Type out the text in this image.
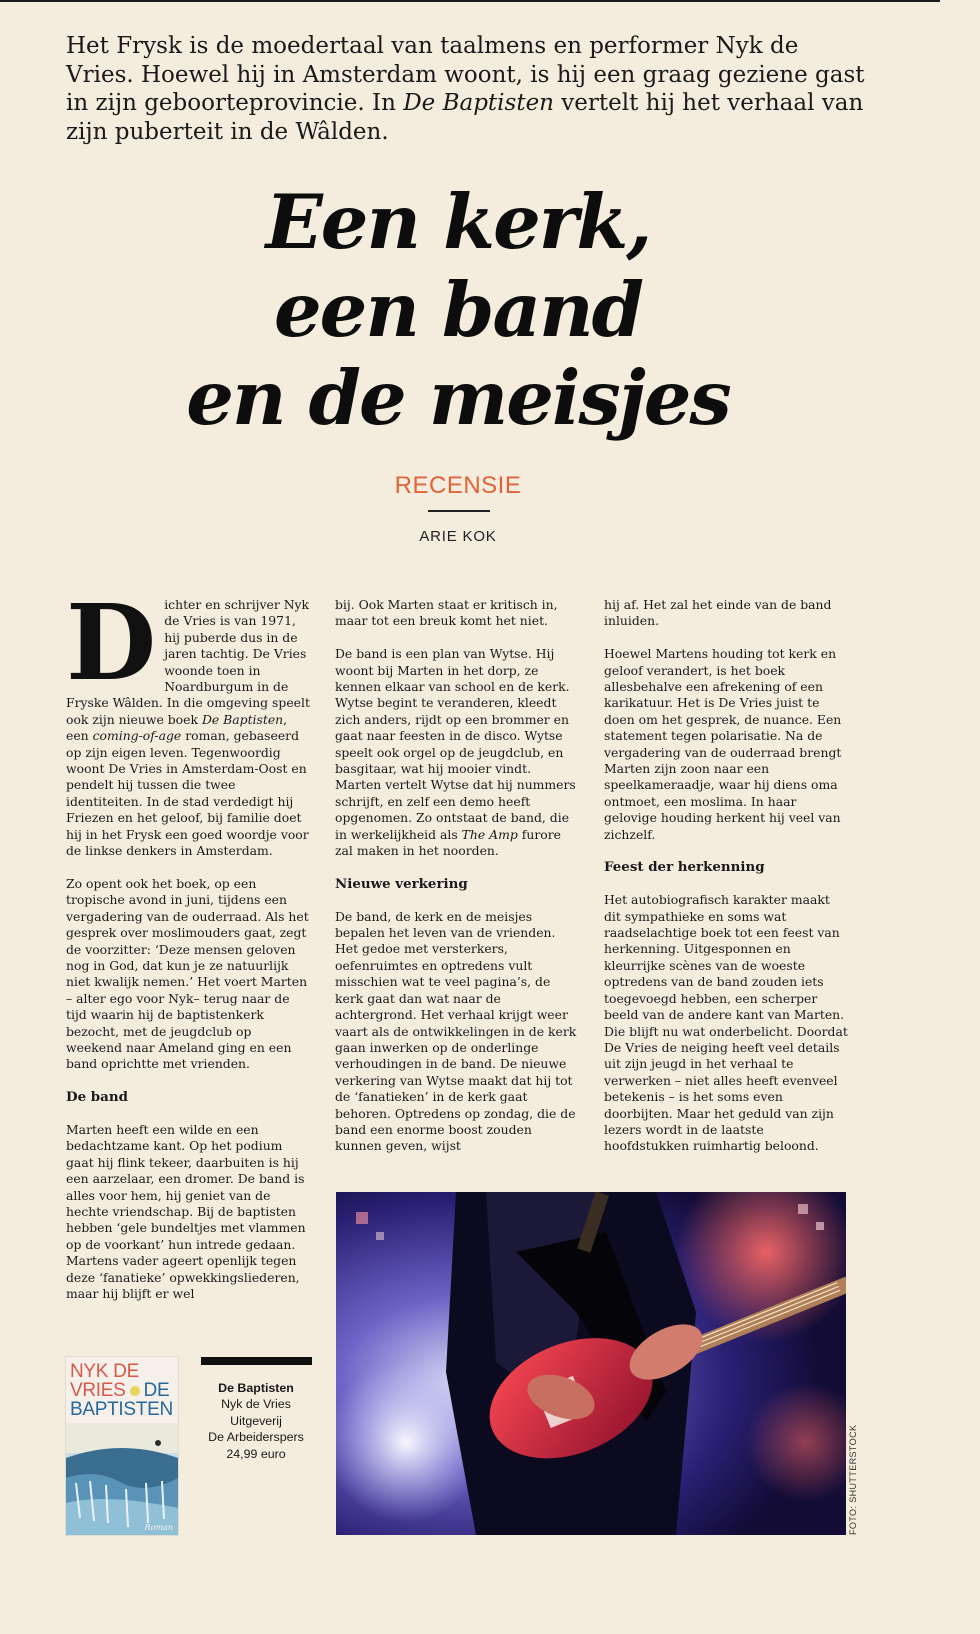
Het Frysk is de moedertaal van taalmens en performer Nyk de Vries. Hoewel hij in Amsterdam woont, is hij een graag geziene gast in zijn geboorteprovincie. In De Baptisten vertelt hij het verhaal van zijn puberteit in de Wâlden.

Een kerk,
een band
en de meisjes
RECENSIE
ARIE KOK

Dichter en schrijver Nyk de Vries is van 1971, hij puberde dus in de jaren tachtig. De Vries woonde toen in Noardburgum in de Fryske Wâlden. In die omgeving speelt ook zijn nieuwe boek De Baptisten, een coming-of-age roman, gebaseerd op zijn eigen leven. Tegenwoordig woont De Vries in Amsterdam-Oost en pendelt hij tussen die twee identiteiten. In de stad verdedigt hij Friezen en het geloof, bij familie doet hij in het Frysk een goed woordje voor de linkse denkers in Amsterdam.

Zo opent ook het boek, op een tropische avond in juni, tijdens een vergadering van de ouderraad. Als het gesprek over moslimouders gaat, zegt de voorzitter: ‘Deze mensen geloven nog in God, dat kun je ze natuurlijk niet kwalijk nemen.’ Het voert Marten – alter ego voor Nyk– terug naar de tijd waarin hij de baptistenkerk bezocht, met de jeugdclub op weekend naar Ameland ging en een band oprichtte met vrienden.

De band

Marten heeft een wilde en een bedachtzame kant. Op het podium gaat hij flink tekeer, daarbuiten is hij een aarzelaar, een dromer. De band is alles voor hem, hij geniet van de hechte vriendschap. Bij de baptisten hebben ‘gele bundeltjes met vlammen op de voorkant’ hun intrede gedaan. Martens vader ageert openlijk tegen deze ‘fanatieke’ opwekkingsliederen, maar hij blijft er wel

bij. Ook Marten staat er kritisch in, maar tot een breuk komt het niet.

De band is een plan van Wytse. Hij woont bij Marten in het dorp, ze kennen elkaar van school en de kerk. Wytse begint te veranderen, kleedt zich anders, rijdt op een brommer en gaat naar feesten in de disco. Wytse speelt ook orgel op de jeugdclub, en basgitaar, wat hij mooier vindt. Marten vertelt Wytse dat hij nummers schrijft, en zelf een demo heeft opgenomen. Zo ontstaat de band, die in werkelijkheid als The Amp furore zal maken in het noorden.

Nieuwe verkering

De band, de kerk en de meisjes bepalen het leven van de vrienden. Het gedoe met versterkers, oefenruimtes en optredens vult misschien wat te veel pagina’s, de kerk gaat dan wat naar de achtergrond. Het verhaal krijgt weer vaart als de ontwikkelingen in de kerk gaan inwerken op de onderlinge verhoudingen in de band. De nieuwe verkering van Wytse maakt dat hij tot de ‘fanatieken’ in de kerk gaat behoren. Optredens op zondag, die de band een enorme boost zouden kunnen geven, wijst

hij af. Het zal het einde van de band inluiden.

Hoewel Martens houding tot kerk en geloof verandert, is het boek allesbehalve een afrekening of een karikatuur. Het is De Vries juist te doen om het gesprek, de nuance. Een statement tegen polarisatie. Na de vergadering van de ouderraad brengt Marten zijn zoon naar een speelkameraadje, waar hij diens oma ontmoet, een moslima. In haar gelovige houding herkent hij veel van zichzelf.

Feest der herkenning

Het autobiografisch karakter maakt dit sympathieke en soms wat raadselachtige boek tot een feest van herkenning. Uitgesponnen en kleurrijke scènes van de woeste optredens van de band zouden iets toegevoegd hebben, een scherper beeld van de andere kant van Marten. Die blijft nu wat onderbelicht. Doordat De Vries de neiging heeft veel details uit zijn jeugd in het verhaal te verwerken – niet alles heeft evenveel betekenis – is het soms even doorbijten. Maar het geduld van zijn lezers wordt in de laatste hoofdstukken ruimhartig beloond.

FOTO: SHUTTERSTOCK
NYK DE
VRIES DE
BAPTISTEN
Roman
De Baptisten
Nyk de Vries
Uitgeverij
De Arbeiderspers
24,99 euro
